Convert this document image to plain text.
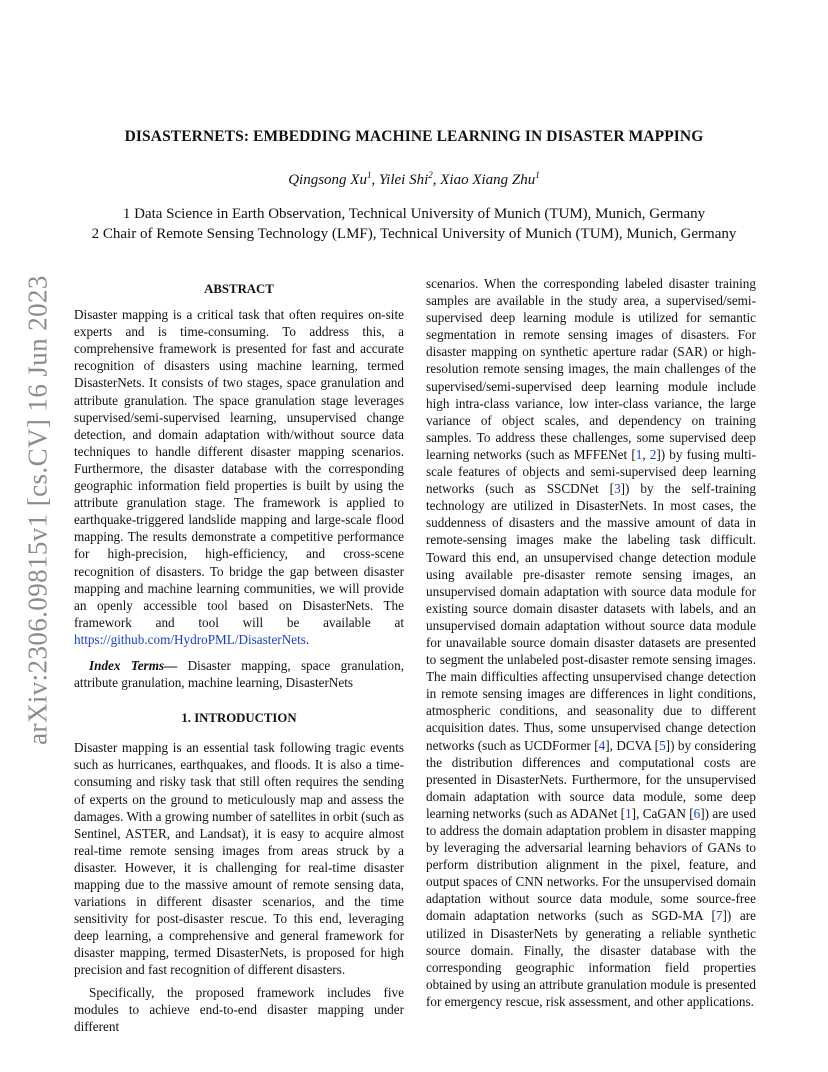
arXiv:2306.09815v1 [cs.CV] 16 Jun 2023
DISASTERNETS: EMBEDDING MACHINE LEARNING IN DISASTER MAPPING
Qingsong Xu$^1$, Yilei Shi$^2$, Xiao Xiang Zhu$^1$
1 Data Science in Earth Observation, Technical University of Munich (TUM), Munich, Germany
2 Chair of Remote Sensing Technology (LMF), Technical University of Munich (TUM), Munich, Germany

ABSTRACT

Disaster mapping is a critical task that often requires on-site experts and is time-consuming. To address this, a comprehensive framework is presented for fast and accurate recognition of disasters using machine learning, termed DisasterNets. It consists of two stages, space granulation and attribute granulation. The space granulation stage leverages supervised/semi-supervised learning, unsupervised change detection, and domain adaptation with/without source data techniques to handle different disaster mapping scenarios. Furthermore, the disaster database with the corresponding geographic information field properties is built by using the attribute granulation stage. The framework is applied to earthquake-triggered landslide mapping and large-scale flood mapping. The results demonstrate a competitive performance for high-precision, high-efficiency, and cross-scene recognition of disasters. To bridge the gap between disaster mapping and machine learning communities, we will provide an openly accessible tool based on DisasterNets. The framework and tool will be available at https://github.com/HydroPML/DisasterNets.

Index Terms— Disaster mapping, space granulation, attribute granulation, machine learning, DisasterNets

1. INTRODUCTION

Disaster mapping is an essential task following tragic events such as hurricanes, earthquakes, and floods. It is also a time-consuming and risky task that still often requires the sending of experts on the ground to meticulously map and assess the damages. With a growing number of satellites in orbit (such as Sentinel, ASTER, and Landsat), it is easy to acquire almost real-time remote sensing images from areas struck by a disaster. However, it is challenging for real-time disaster mapping due to the massive amount of remote sensing data, variations in different disaster scenarios, and the time sensitivity for post-disaster rescue. To this end, leveraging deep learning, a comprehensive and general framework for disaster mapping, termed DisasterNets, is proposed for high precision and fast recognition of different disasters.

Specifically, the proposed framework includes five modules to achieve end-to-end disaster mapping under different

scenarios. When the corresponding labeled disaster training samples are available in the study area, a supervised/semi-supervised deep learning module is utilized for semantic segmentation in remote sensing images of disasters. For disaster mapping on synthetic aperture radar (SAR) or high-resolution remote sensing images, the main challenges of the supervised/semi-supervised deep learning module include high intra-class variance, low inter-class variance, the large variance of object scales, and dependency on training samples. To address these challenges, some supervised deep learning networks (such as MFFENet [1, 2]) by fusing multi-scale features of objects and semi-supervised deep learning networks (such as SSCDNet [3]) by the self-training technology are utilized in DisasterNets. In most cases, the suddenness of disasters and the massive amount of data in remote-sensing images make the labeling task difficult. Toward this end, an unsupervised change detection module using available pre-disaster remote sensing images, an unsupervised domain adaptation with source data module for existing source domain disaster datasets with labels, and an unsupervised domain adaptation without source data module for unavailable source domain disaster datasets are presented to segment the unlabeled post-disaster remote sensing images. The main difficulties affecting unsupervised change detection in remote sensing images are differences in light conditions, atmospheric conditions, and seasonality due to different acquisition dates. Thus, some unsupervised change detection networks (such as UCDFormer [4], DCVA [5]) by considering the distribution differences and computational costs are presented in DisasterNets. Furthermore, for the unsupervised domain adaptation with source data module, some deep learning networks (such as ADANet [1], CaGAN [6]) are used to address the domain adaptation problem in disaster mapping by leveraging the adversarial learning behaviors of GANs to perform distribution alignment in the pixel, feature, and output spaces of CNN networks. For the unsupervised domain adaptation without source data module, some source-free domain adaptation networks (such as SGD-MA [7]) are utilized in DisasterNets by generating a reliable synthetic source domain. Finally, the disaster database with the corresponding geographic information field properties obtained by using an attribute granulation module is presented for emergency rescue, risk assessment, and other applications.
